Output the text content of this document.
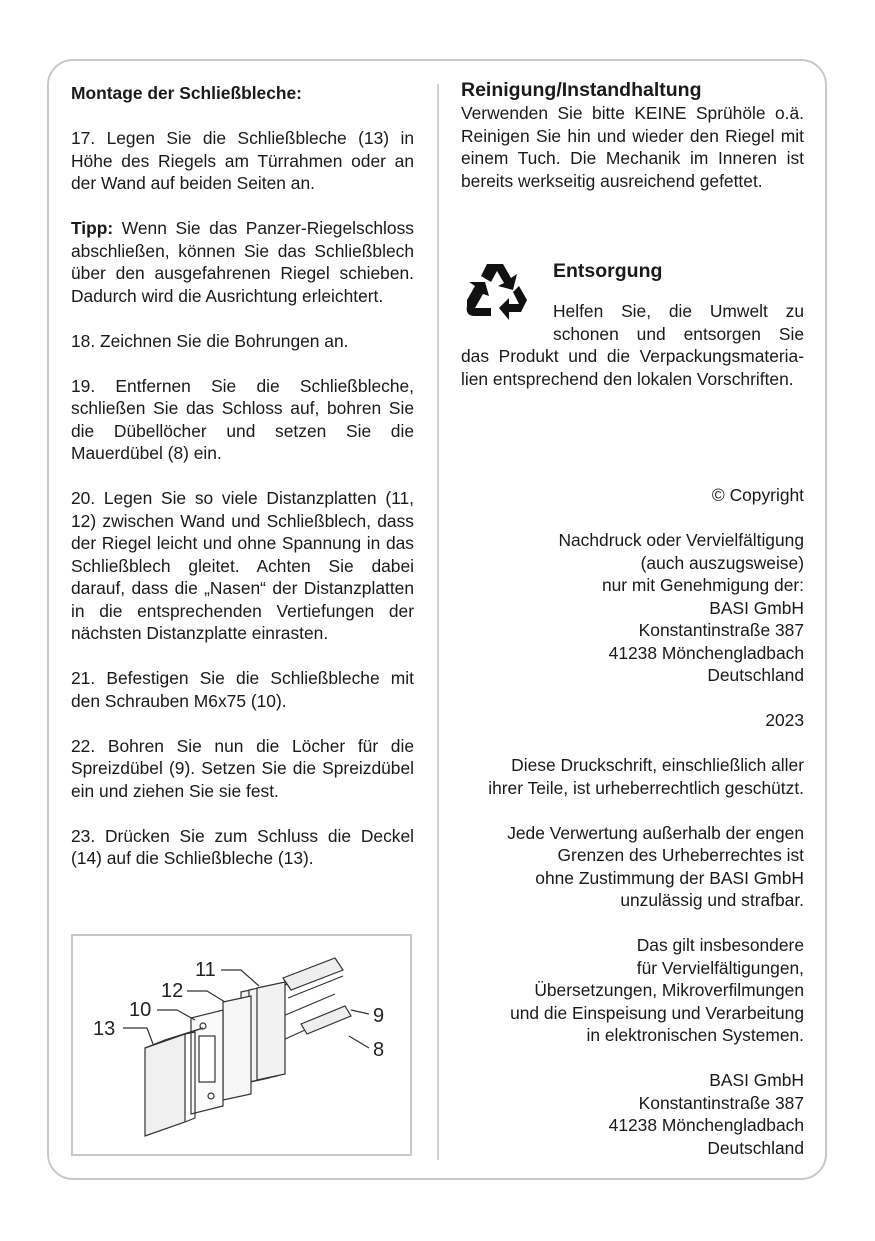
Montage der Schließbleche:

17. Legen Sie die Schließbleche (13) in Höhe des Riegels am Türrahmen oder an der Wand auf beiden Seiten an.

Tipp: Wenn Sie das Panzer-Riegelschloss abschließen, können Sie das Schließblech über den ausgefahrenen Riegel schieben. Dadurch wird die Ausrichtung erleichtert.

18. Zeichnen Sie die Bohrungen an.

19. Entfernen Sie die Schließbleche, schließen Sie das Schloss auf, bohren Sie die Dübellöcher und setzen Sie die Mauerdübel (8) ein.

20. Legen Sie so viele Distanzplatten (11, 12) zwischen Wand und Schließblech, dass der Riegel leicht und ohne Spannung in das Schließblech gleitet. Achten Sie dabei darauf, dass die „Nasen“ der Distanzplatten in die entsprechenden Vertiefungen der nächsten Distanzplatte einrasten.

21. Befestigen Sie die Schließbleche mit den Schrauben M6x75 (10).

22. Bohren Sie nun die Löcher für die Spreizdübel (9). Setzen Sie die Spreizdübel ein und ziehen Sie sie fest.

23. Drücken Sie zum Schluss die Deckel (14) auf die Schließbleche (13).

11
12
10
13
9
8

Reinigung/Instandhaltung

Verwenden Sie bitte KEINE Sprühöle o.ä. Reinigen Sie hin und wieder den Riegel mit einem Tuch. Die Mechanik im Inneren ist bereits werkseitig ausreichend gefettet.

Entsorgung
Helfen Sie, die Umwelt zu
schonen und entsorgen Sie
das Produkt und die Verpackungsmateria-
lien entsprechend den lokalen Vorschriften.
© Copyright
Nachdruck oder Vervielfältigung
(auch auszugsweise)
nur mit Genehmigung der:
BASI GmbH
Konstantinstraße 387
41238 Mönchengladbach
Deutschland
2023
Diese Druckschrift, einschließlich aller
ihrer Teile, ist urheberrechtlich geschützt.
Jede Verwertung außerhalb der engen
Grenzen des Urheberrechtes ist
ohne Zustimmung der BASI GmbH
unzulässig und strafbar.
Das gilt insbesondere
für Vervielfältigungen,
Übersetzungen, Mikroverfilmungen
und die Einspeisung und Verarbeitung
in elektronischen Systemen.
BASI GmbH
Konstantinstraße 387
41238 Mönchengladbach
Deutschland
